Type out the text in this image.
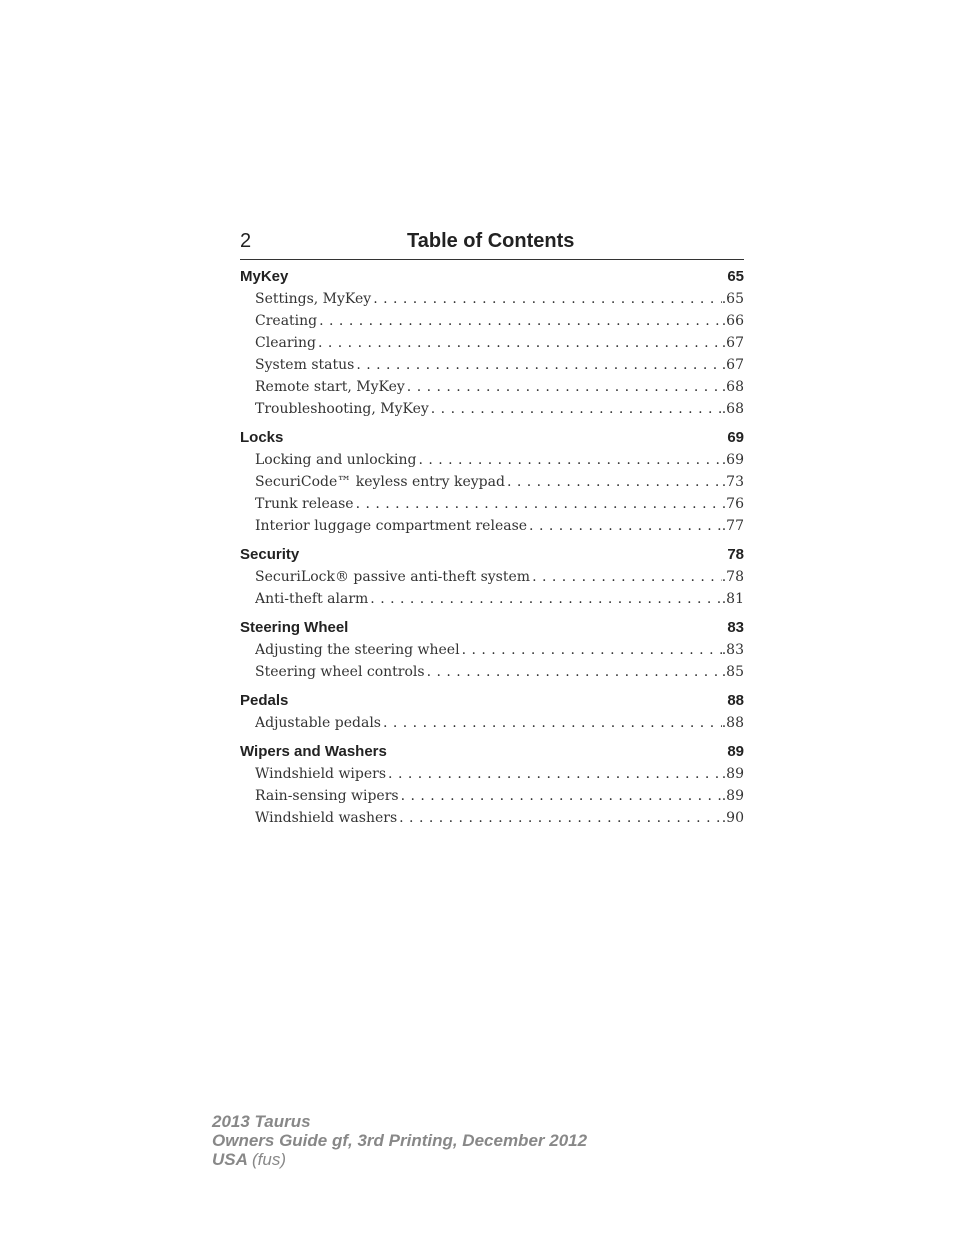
2	Table of Contents
MyKey	65
Settings, MyKey . . .	.65
Creating . . .	.66
Clearing . . .	.67
System status . . .	.67
Remote start, MyKey . . .	.68
Troubleshooting, MyKey . . .	.68
Locks	69
Locking and unlocking . . .	.69
SecuriCode™ keyless entry keypad . . .	.73
Trunk release . . .	.76
Interior luggage compartment release . . .	.77
Security	78
SecuriLock® passive anti-theft system . . .	.78
Anti-theft alarm . . .	.81
Steering Wheel	83
Adjusting the steering wheel . . .	.83
Steering wheel controls . . .	.85
Pedals	88
Adjustable pedals . . .	.88
Wipers and Washers	89
Windshield wipers . . .	.89
Rain-sensing wipers . . .	.89
Windshield washers . . .	.90
2013 Taurus
Owners Guide gf, 3rd Printing, December 2012
USA (fus)
